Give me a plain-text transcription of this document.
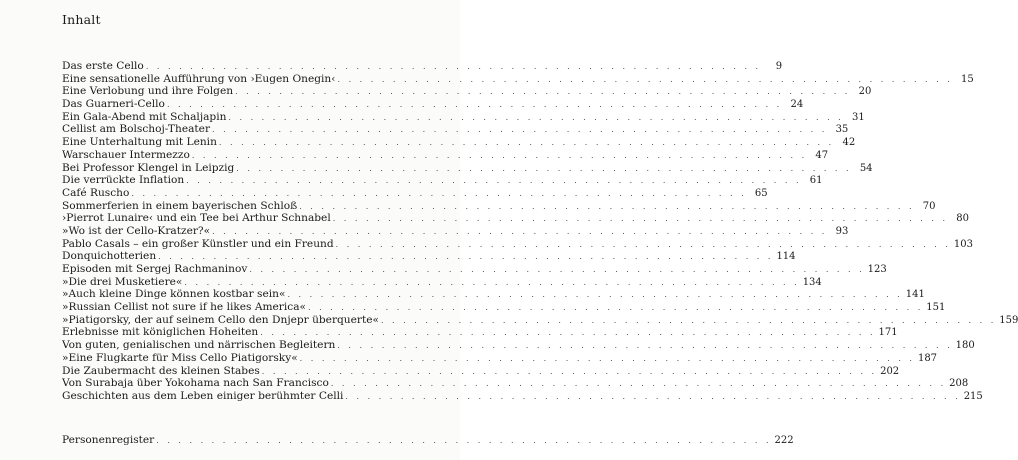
Inhalt
Das erste Cello . . .	9
Eine sensationelle Aufführung von ›Eugen Onegin‹ . . .	15
Eine Verlobung und ihre Folgen . . .	20
Das Guarneri-Cello . . .	24
Ein Gala-Abend mit Schaljapin . . .	31
Cellist am Bolschoj-Theater . . .	35
Eine Unterhaltung mit Lenin . . .	42
Warschauer Intermezzo . . .	47
Bei Professor Klengel in Leipzig . . .	54
Die verrückte Inflation . . .	61
Café Ruscho . . .	65
Sommerferien in einem bayerischen Schloß . . .	70
›Pierrot Lunaire‹ und ein Tee bei Arthur Schnabel . . .	80
»Wo ist der Cello-Kratzer?« . . .	93
Pablo Casals – ein großer Künstler und ein Freund . . .	103
Donquichotterien . . .	114
Episoden mit Sergej Rachmaninov . . .	123
»Die drei Musketiere« . . .	134
»Auch kleine Dinge können kostbar sein« . . .	141
»Russian Cellist not sure if he likes America« . . .	151
»Piatigorsky, der auf seinem Cello den Dnjepr überquerte« . . .	159
Erlebnisse mit königlichen Hoheiten . . .	171
Von guten, genialischen und närrischen Begleitern . . .	180
»Eine Flugkarte für Miss Cello Piatigorsky« . . .	187
Die Zaubermacht des kleinen Stabes . . .	202
Von Surabaja über Yokohama nach San Francisco . . .	208
Geschichten aus dem Leben einiger berühmter Celli . . .	215
Personenregister . . .	222
